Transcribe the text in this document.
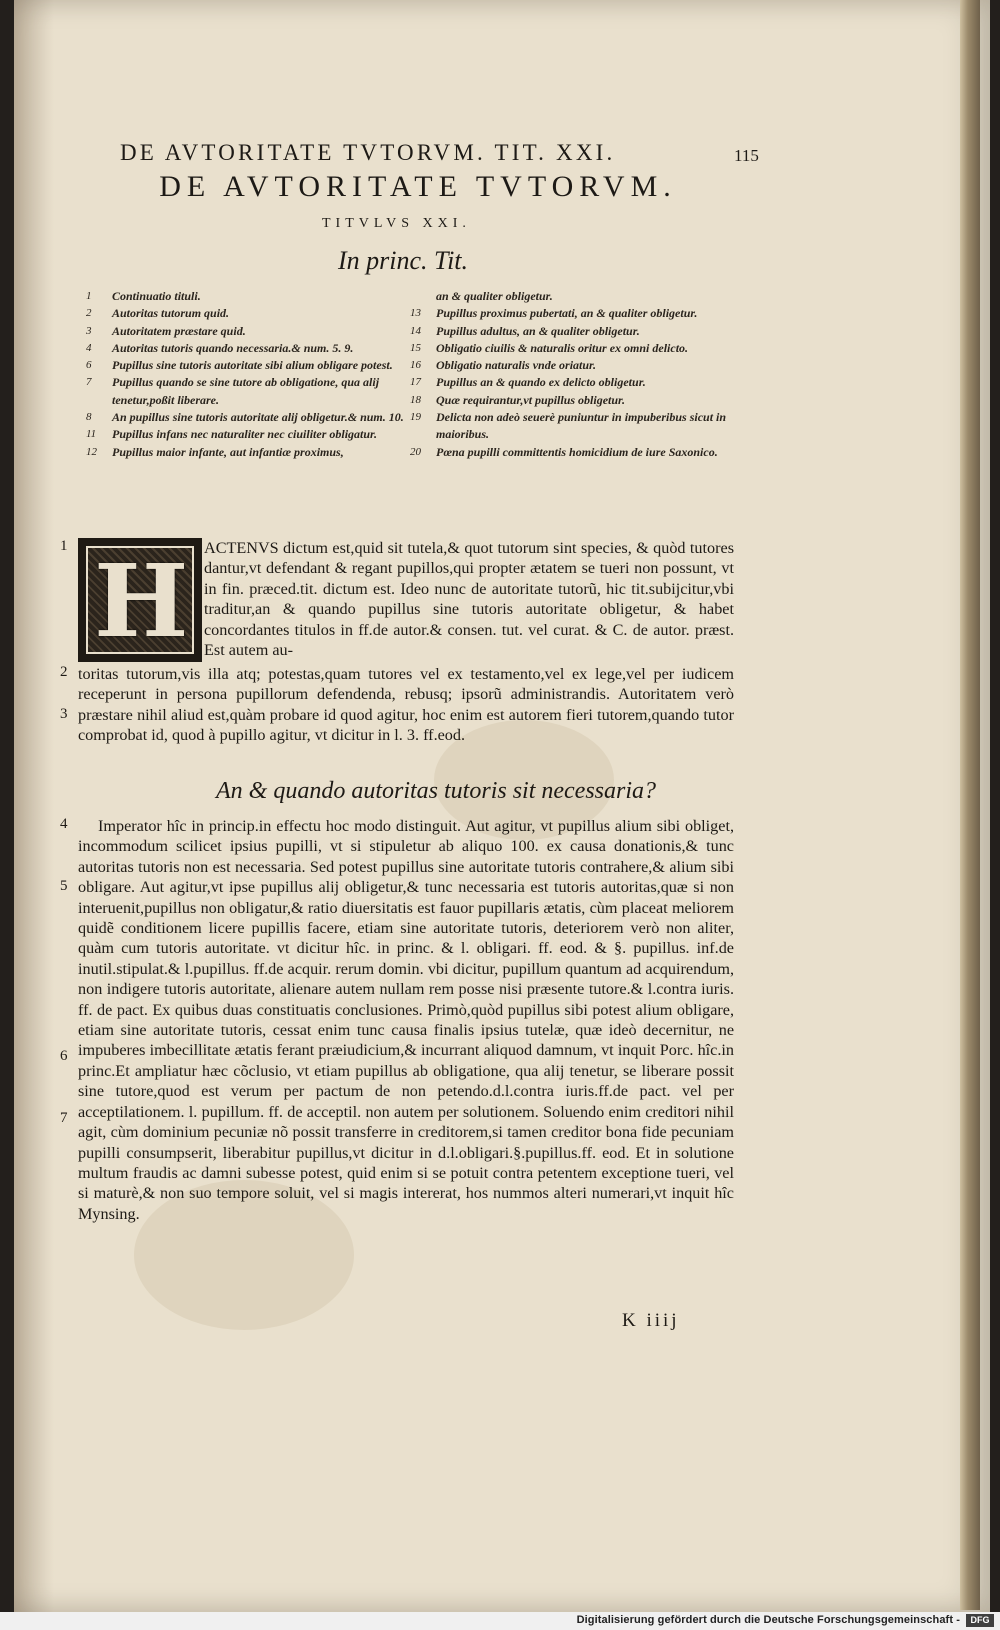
DE AVTORITATE TVTORVM. TIT. XXI.	115
DE AVTORITATE TVTORVM.
TITVLVS XXI.
In princ. Tit.
1	Continuatio tituli.
2	Autoritas tutorum quid.
3	Autoritatem præstare quid.
4	Autoritas tutoris quando necessaria.& num. 5. 9.
6	Pupillus sine tutoris autoritate sibi alium obligare potest.
7	Pupillus quando se sine tutore ab obligatione, qua alij tenetur,poßit liberare.
8	An pupillus sine tutoris autoritate alij obligetur.& num. 10.
11	Pupillus infans nec naturaliter nec ciuiliter obligatur.
12	Pupillus maior infante, aut infantiæ proximus,
an & qualiter obligetur.
13	Pupillus proximus pubertati, an & qualiter obligetur.
14	Pupillus adultus, an & qualiter obligetur.
15	Obligatio ciuilis & naturalis oritur ex omni delicto.
16	Obligatio naturalis vnde oriatur.
17	Pupillus an & quando ex delicto obligetur.
18	Quæ requirantur,vt pupillus obligetur.
19	Delicta non adeò seuerè puniuntur in impuberibus sicut in maioribus.
20	Pœna pupilli committentis homicidium de iure Saxonico.
1 H ACTENVS dictum est,quid sit tutela,& quot tutorum sint species, & quòd tutores dantur,vt defendant & regant pupillos,qui propter ætatem se tueri non possunt, vt in fin. præced.tit. dictum est. Ideo nunc de autoritate tutorũ, hic tit.subijcitur,vbi traditur,an & quando pupillus sine tutoris autoritate obligetur, & habet concordantes titulos in ff.de autor.& consen. tut. vel curat. & C. de autor. præst. Est autem au-
2
3
toritas tutorum,vis illa atq; potestas,quam tutores vel ex testamento,vel ex lege,vel per iudicem receperunt in persona pupillorum defendenda, rebusq; ipsorũ administrandis. Autoritatem verò præstare nihil aliud est,quàm probare id quod agitur, hoc enim est autorem fieri tutorem,quando tutor comprobat id, quod à pupillo agitur, vt dicitur in l. 3. ff.eod.
An & quando autoritas tutoris sit necessaria?
4
5
6
7
Imperator hîc in princip.in effectu hoc modo distinguit. Aut agitur, vt pupillus alium sibi obliget, incommodum scilicet ipsius pupilli, vt si stipuletur ab aliquo 100. ex causa donationis,& tunc autoritas tutoris non est necessaria. Sed potest pupillus sine autoritate tutoris contrahere,& alium sibi obligare. Aut agitur,vt ipse pupillus alij obligetur,& tunc necessaria est tutoris autoritas,quæ si non interuenit,pupillus non obligatur,& ratio diuersitatis est fauor pupillaris ætatis, cùm placeat meliorem quidẽ conditionem licere pupillis facere, etiam sine autoritate tutoris, deteriorem verò non aliter, quàm cum tutoris autoritate. vt dicitur hîc. in princ. & l. obligari. ff. eod. & §. pupillus. inf.de inutil.stipulat.& l.pupillus. ff.de acquir. rerum domin. vbi dicitur, pupillum quantum ad acquirendum, non indigere tutoris autoritate, alienare autem nullam rem posse nisi præsente tutore.& l.contra iuris. ff. de pact. Ex quibus duas constituatis conclusiones. Primò,quòd pupillus sibi potest alium obligare, etiam sine autoritate tutoris, cessat enim tunc causa finalis ipsius tutelæ, quæ ideò decernitur, ne impuberes imbecillitate ætatis ferant præiudicium,& incurrant aliquod damnum, vt inquit Porc. hîc.in princ.Et ampliatur hæc cõclusio, vt etiam pupillus ab obligatione, qua alij tenetur, se liberare possit sine tutore,quod est verum per pactum de non petendo.d.l.contra iuris.ff.de pact. vel per acceptilationem. l. pupillum. ff. de acceptil. non autem per solutionem. Soluendo enim creditori nihil agit, cùm dominium pecuniæ nõ possit transferre in creditorem,si tamen creditor bona fide pecuniam pupilli consumpserit, liberabitur pupillus,vt dicitur in d.l.obligari.§.pupillus.ff. eod. Et in solutione multum fraudis ac damni subesse potest, quid enim si se potuit contra petentem exceptione tueri, vel si maturè,& non suo tempore soluit, vel si magis intererat, hos nummos alteri numerari,vt inquit hîc Mynsing.
K iiij
Digitalisierung gefördert durch die Deutsche Forschungsgemeinschaft -	DFG
